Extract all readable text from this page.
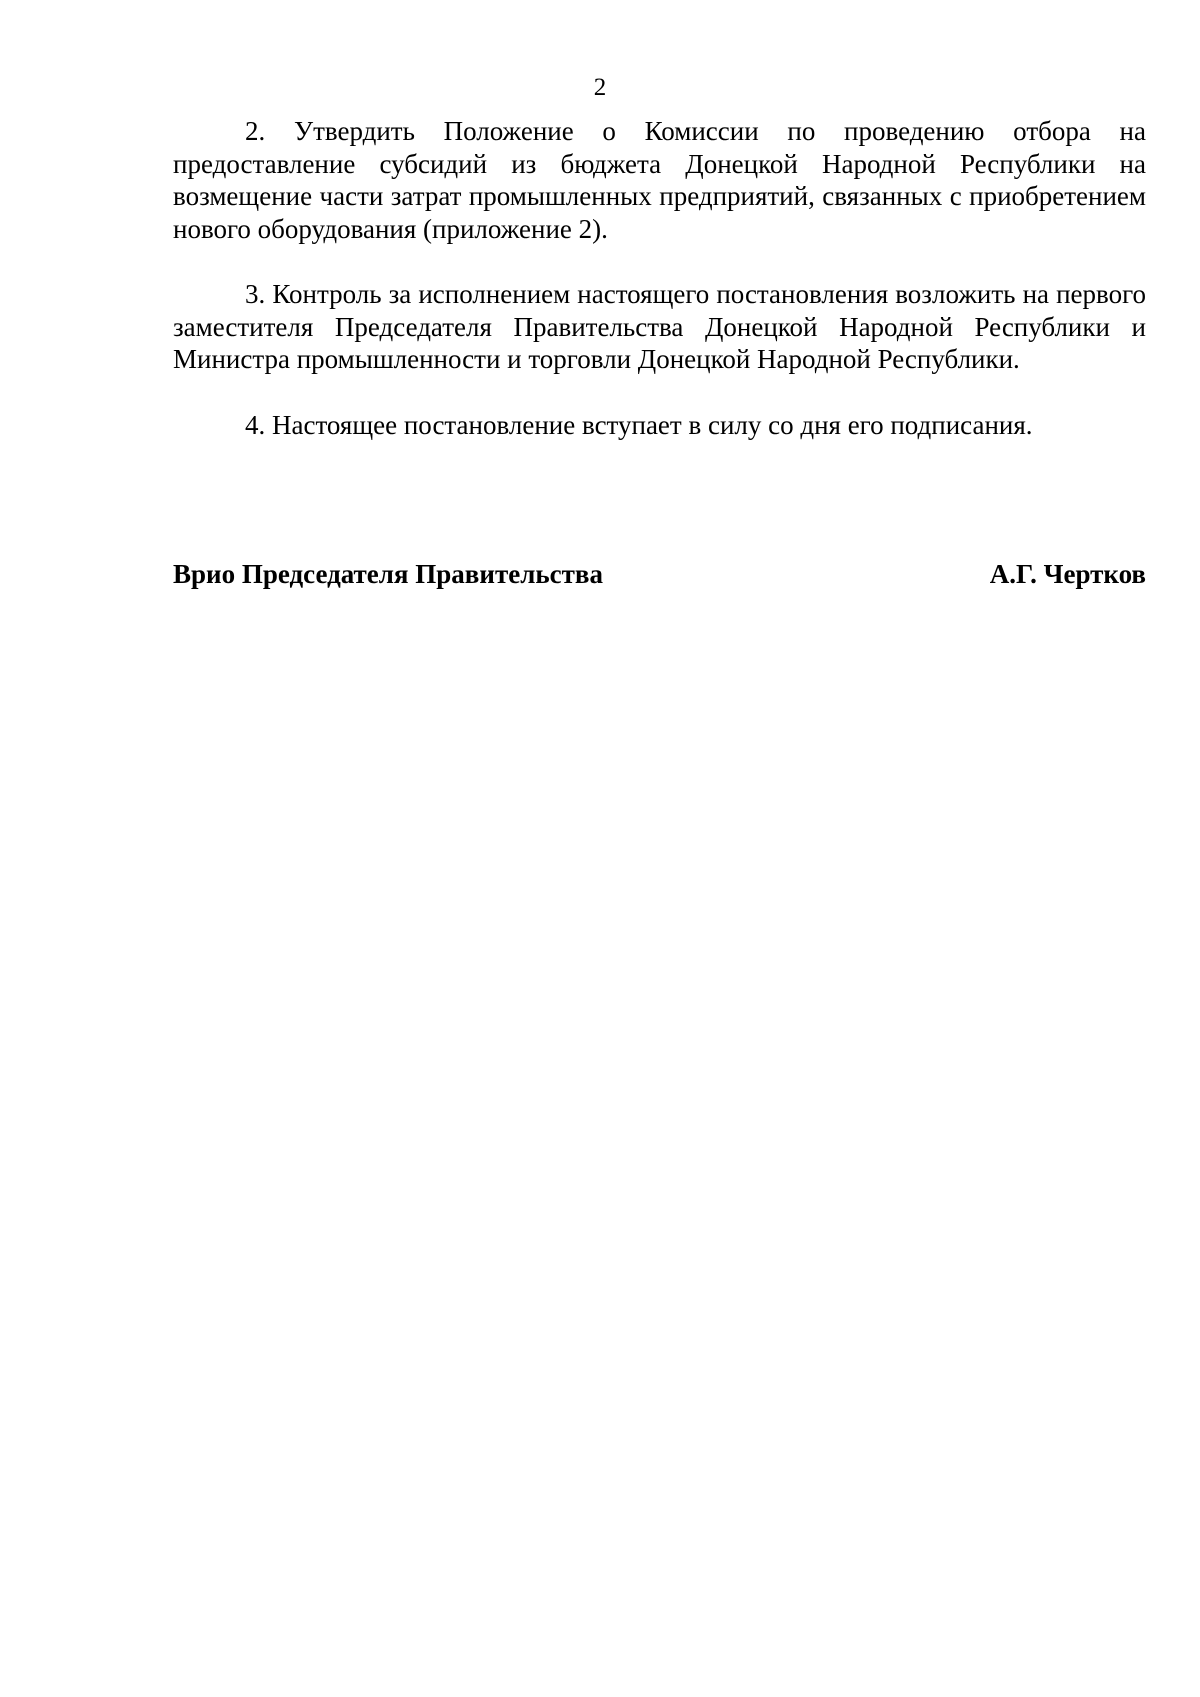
2

2. Утвердить Положение о Комиссии по проведению отбора на предоставление субсидий из бюджета Донецкой Народной Республики на возмещение части затрат промышленных предприятий, связанных с приобретением нового оборудования (приложение 2).

3. Контроль за исполнением настоящего постановления возложить на первого заместителя Председателя Правительства Донецкой Народной Республики и Министра промышленности и торговли Донецкой Народной Республики.

4. Настоящее постановление вступает в силу со дня его подписания.

Врио Председателя Правительства	А.Г. Чертков
